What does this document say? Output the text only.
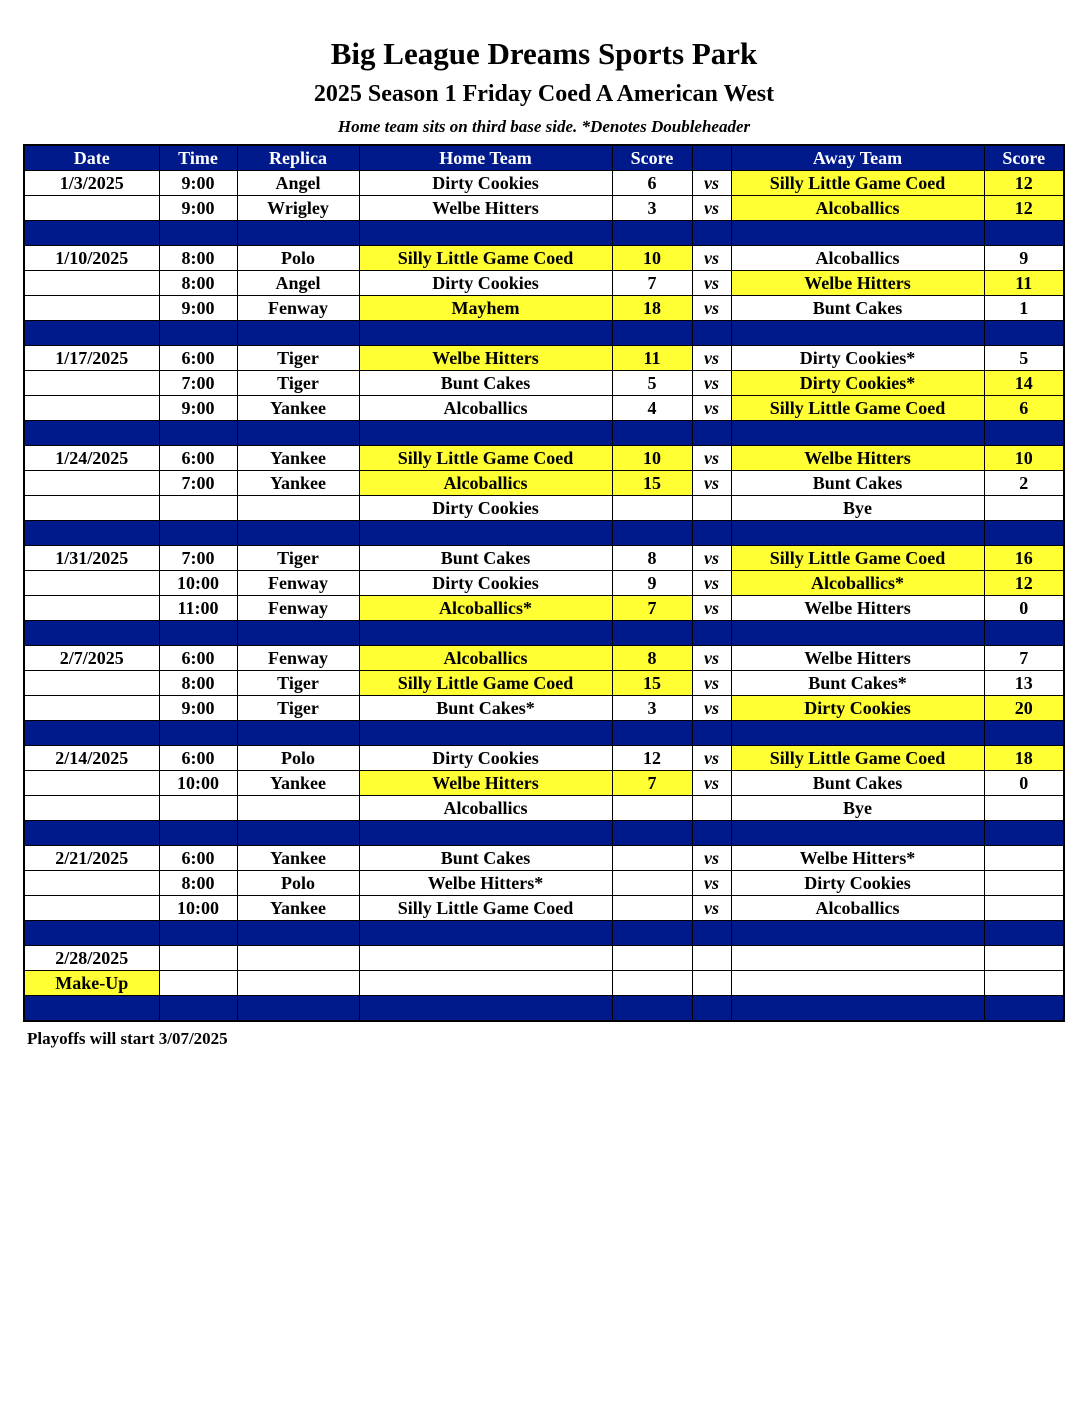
Big League Dreams Sports Park
2025 Season 1 Friday Coed A American West
Home team sits on third base side. *Denotes Doubleheader
Date	Time	Replica	Home Team	Score		Away Team	Score
1/3/2025	9:00	Angel	Dirty Cookies	6	vs	Silly Little Game Coed	12
	9:00	Wrigley	Welbe Hitters	3	vs	Alcoballics	12

1/10/2025	8:00	Polo	Silly Little Game Coed	10	vs	Alcoballics	9
	8:00	Angel	Dirty Cookies	7	vs	Welbe Hitters	11
	9:00	Fenway	Mayhem	18	vs	Bunt Cakes	1

1/17/2025	6:00	Tiger	Welbe Hitters	11	vs	Dirty Cookies*	5
	7:00	Tiger	Bunt Cakes	5	vs	Dirty Cookies*	14
	9:00	Yankee	Alcoballics	4	vs	Silly Little Game Coed	6

1/24/2025	6:00	Yankee	Silly Little Game Coed	10	vs	Welbe Hitters	10
	7:00	Yankee	Alcoballics	15	vs	Bunt Cakes	2
			Dirty Cookies			Bye	

1/31/2025	7:00	Tiger	Bunt Cakes	8	vs	Silly Little Game Coed	16
	10:00	Fenway	Dirty Cookies	9	vs	Alcoballics*	12
	11:00	Fenway	Alcoballics*	7	vs	Welbe Hitters	0

2/7/2025	6:00	Fenway	Alcoballics	8	vs	Welbe Hitters	7
	8:00	Tiger	Silly Little Game Coed	15	vs	Bunt Cakes*	13
	9:00	Tiger	Bunt Cakes*	3	vs	Dirty Cookies	20

2/14/2025	6:00	Polo	Dirty Cookies	12	vs	Silly Little Game Coed	18
	10:00	Yankee	Welbe Hitters	7	vs	Bunt Cakes	0
			Alcoballics			Bye	

2/21/2025	6:00	Yankee	Bunt Cakes		vs	Welbe Hitters*	
	8:00	Polo	Welbe Hitters*		vs	Dirty Cookies	
	10:00	Yankee	Silly Little Game Coed		vs	Alcoballics	

2/28/2025							
Make-Up							

Playoffs will start 3/07/2025
